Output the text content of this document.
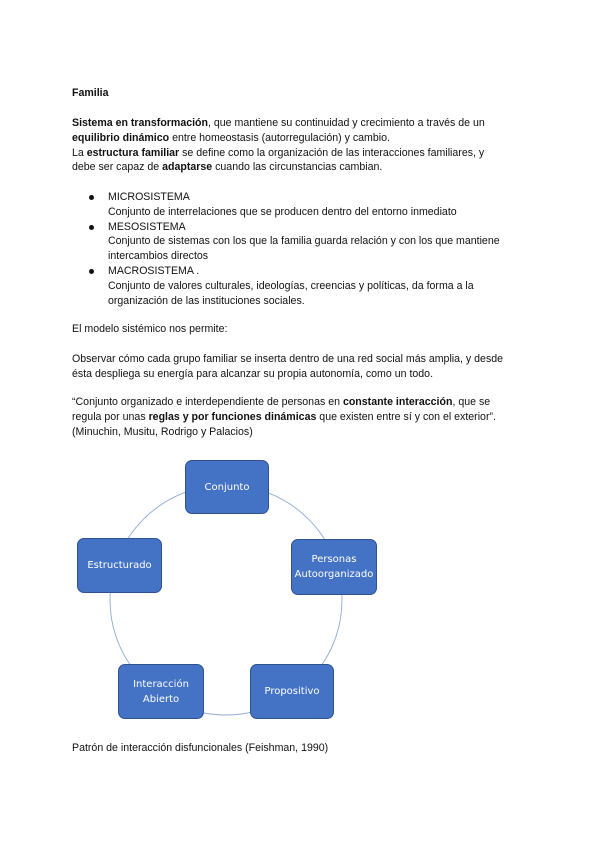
Familia
Sistema en transformación, que mantiene su continuidad y crecimiento a través de un
equilibrio dinámico entre homeostasis (autorregulación) y cambio.
La estructura familiar se define como la organización de las interacciones familiares, y
debe ser capaz de adaptarse cuando las circunstancias cambian.
MICROSISTEMA
Conjunto de interrelaciones que se producen dentro del entorno inmediato
MESOSISTEMA
Conjunto de sistemas con los que la familia guarda relación y con los que mantiene
intercambios directos
MACROSISTEMA .
Conjunto de valores culturales, ideologías, creencias y políticas, da forma a la
organización de las instituciones sociales.
El modelo sistémico nos permite:
Observar cómo cada grupo familiar se inserta dentro de una red social más amplia, y desde
ésta despliega su energía para alcanzar su propia autonomía, como un todo.
“Conjunto organizado e interdependiente de personas en constante interacción, que se
regula por unas reglas y por funciones dinámicas que existen entre sí y con el exterior”.
(Minuchin, Musitu, Rodrigo y Palacios)
Conjunto
Personas
Autoorganizado
Propositivo
Interacción
Abierto
Estructurado
Patrón de interacción disfuncionales (Feishman, 1990)
